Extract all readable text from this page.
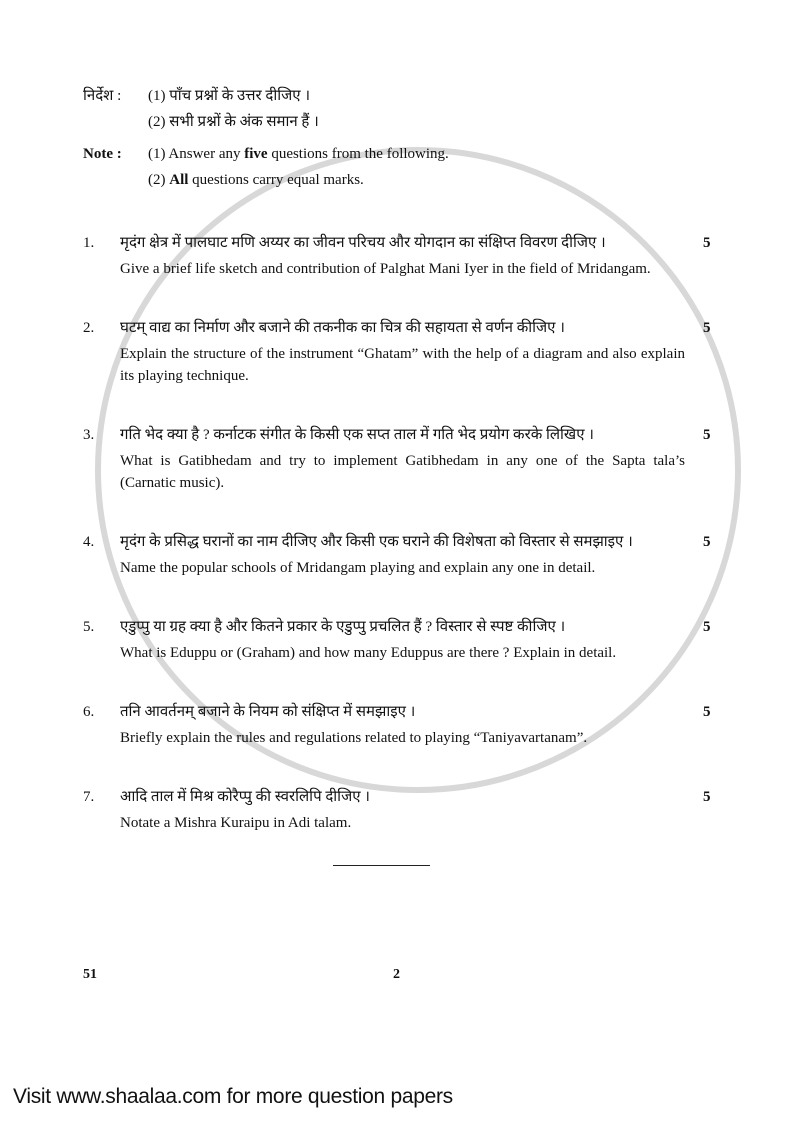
निर्देश :	(1) पाँच प्रश्नों के उत्तर दीजिए ।
(2) सभी प्रश्नों के अंक समान हैं ।
Note :	(1) Answer any five questions from the following.
(2) All questions carry equal marks.
1.	मृदंग क्षेत्र में पालघाट मणि अय्यर का जीवन परिचय और योगदान का संक्षिप्त विवरण दीजिए ।
Give a brief life sketch and contribution of Palghat Mani Iyer in the field of Mridangam.
5
2.	घटम् वाद्य का निर्माण और बजाने की तकनीक का चित्र की सहायता से वर्णन कीजिए ।
Explain the structure of the instrument “Ghatam” with the help of a diagram and also explain its playing technique.
5
3.	गति भेद क्या है ? कर्नाटक संगीत के किसी एक सप्त ताल में गति भेद प्रयोग करके लिखिए ।
What is Gatibhedam and try to implement Gatibhedam in any one of the Sapta tala’s (Carnatic music).
5
4.	मृदंग के प्रसिद्ध घरानों का नाम दीजिए और किसी एक घराने की विशेषता को विस्तार से समझाइए ।
Name the popular schools of Mridangam playing and explain any one in detail.
5
5.	एडुप्पु या ग्रह क्या है और कितने प्रकार के एडुप्पु प्रचलित हैं ? विस्तार से स्पष्ट कीजिए ।
What is Eduppu or (Graham) and how many Eduppus are there ? Explain in detail.
5
6.	तनि आवर्तनम् बजाने के नियम को संक्षिप्त में समझाइए ।
Briefly explain the rules and regulations related to playing “Taniyavartanam”.
5
7.	आदि ताल में मिश्र कोरैप्पु की स्वरलिपि दीजिए ।
Notate a Mishra Kuraipu in Adi talam.
5
51	2
Visit www.shaalaa.com for more question papers
